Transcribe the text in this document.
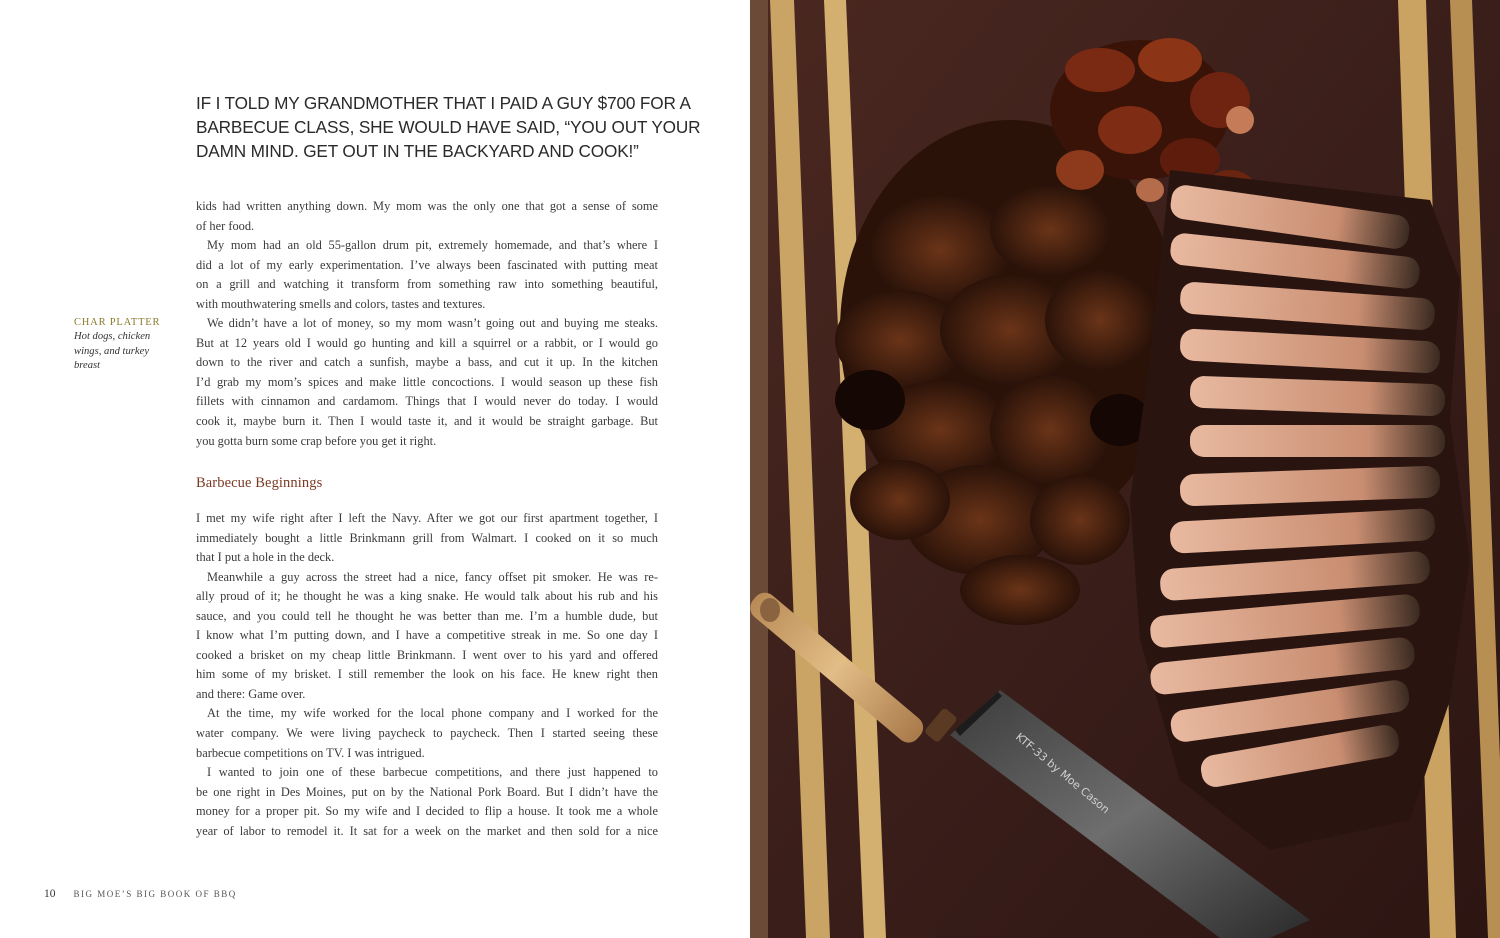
IF I TOLD MY GRANDMOTHER THAT I PAID A GUY $700 FOR A
BARBECUE CLASS, SHE WOULD HAVE SAID, “YOU OUT YOUR
DAMN MIND. GET OUT IN THE BACKYARD AND COOK!”
CHAR PLATTER
Hot dogs, chicken
wings, and turkey
breast
kids had written anything down. My mom was the only one that got a sense of some
of her food.
My mom had an old 55-gallon drum pit, extremely homemade, and that’s where I
did a lot of my early experimentation. I’ve always been fascinated with putting meat
on a grill and watching it transform from something raw into something beautiful,
with mouthwatering smells and colors, tastes and textures.
We didn’t have a lot of money, so my mom wasn’t going out and buying me steaks.
But at 12 years old I would go hunting and kill a squirrel or a rabbit, or I would go
down to the river and catch a sunfish, maybe a bass, and cut it up. In the kitchen
I’d grab my mom’s spices and make little concoctions. I would season up these fish
fillets with cinnamon and cardamom. Things that I would never do today. I would
cook it, maybe burn it. Then I would taste it, and it would be straight garbage. But
you gotta burn some crap before you get it right.
Barbecue Beginnings
I met my wife right after I left the Navy. After we got our first apartment together, I
immediately bought a little Brinkmann grill from Walmart. I cooked on it so much
that I put a hole in the deck.
Meanwhile a guy across the street had a nice, fancy offset pit smoker. He was re-
ally proud of it; he thought he was a king snake. He would talk about his rub and his
sauce, and you could tell he thought he was better than me. I’m a humble dude, but
I know what I’m putting down, and I have a competitive streak in me. So one day I
cooked a brisket on my cheap little Brinkmann. I went over to his yard and offered
him some of my brisket. I still remember the look on his face. He knew right then
and there: Game over.
At the time, my wife worked for the local phone company and I worked for the
water company. We were living paycheck to paycheck. Then I started seeing these
barbecue competitions on TV. I was intrigued.
I wanted to join one of these barbecue competitions, and there just happened to
be one right in Des Moines, put on by the National Pork Board. But I didn’t have the
money for a proper pit. So my wife and I decided to flip a house. It took me a whole
year of labor to remodel it. It sat for a week on the market and then sold for a nice
10 BIG MOE’S BIG BOOK OF BBQ
KTF-33 by Moe Cason
